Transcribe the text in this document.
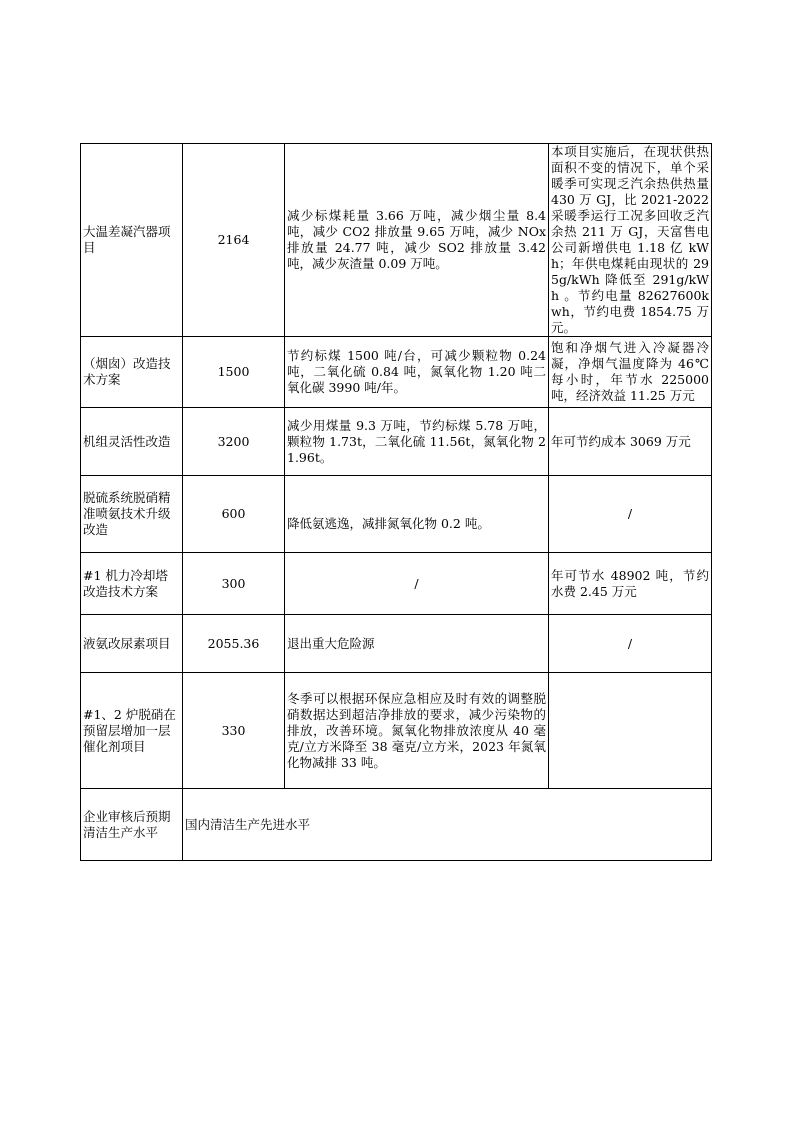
大温差凝汽器项目	2164	减少标煤耗量 3.66 万吨，减少烟尘量 8.4 吨，减少 CO2 排放量 9.65 万吨，减少 NOx 排放量 24.77 吨，减少 SO2 排放量 3.42 吨，减少灰渣量 0.09 万吨。	本项目实施后，在现状供热面积不变的情况下，单个采暖季可实现乏汽余热供热量 430 万 GJ，比 2021-2022 采暖季运行工况多回收乏汽余热 211 万 GJ，天富售电公司新增供电 1.18 亿 kWh；年供电煤耗由现状的 295g/kWh 降低至 291g/kWh 。节约电量 82627600kwh，节约电费 1854.75 万元。
（烟囱）改造技术方案	1500	节约标煤 1500 吨/台，可减少颗粒物 0.24 吨，二氧化硫 0.84 吨，氮氧化物 1.20 吨二氧化碳 3990 吨/年。	饱和净烟气进入冷凝器冷凝，净烟气温度降为 46℃每小时，年节水 225000 吨，经济效益 11.25 万元
机组灵活性改造	3200	减少用煤量 9.3 万吨，节约标煤 5.78 万吨，颗粒物 1.73t，二氧化硫 11.56t，氮氧化物 21.96t。	年可节约成本 3069 万元
脱硫系统脱硝精准喷氨技术升级改造	600	降低氨逃逸，减排氮氧化物 0.2 吨。	/
#1 机力冷却塔改造技术方案	300	/	年可节水 48902 吨，节约水费 2.45 万元
液氨改尿素项目	2055.36	退出重大危险源	/
#1、2 炉脱硝在预留层增加一层催化剂项目	330	冬季可以根据环保应急相应及时有效的调整脱硝数据达到超洁净排放的要求，减少污染物的排放，改善环境。氮氧化物排放浓度从 40 毫克/立方米降至 38 毫克/立方米，2023 年氮氧化物减排 33 吨。	
企业审核后预期清洁生产水平	国内清洁生产先进水平		
